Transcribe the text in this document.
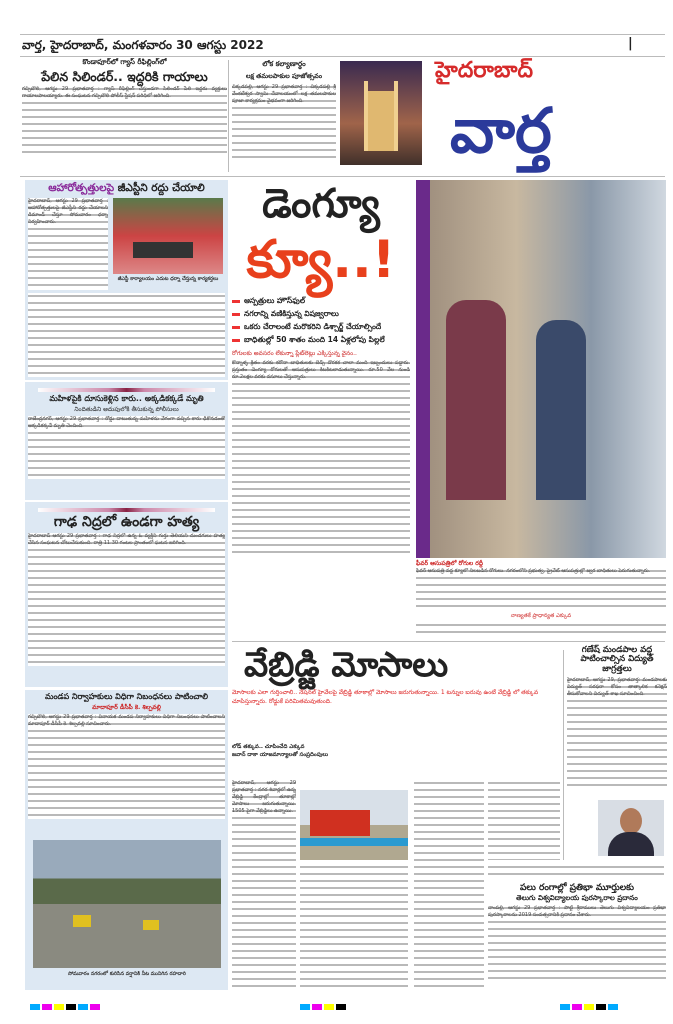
వార్త, హైదరాబాద్, మంగళవారం 30 ఆగస్టు 2022	|
కొండాపూర్‌లో గ్యాస్ రీఫిల్లింగ్‌లో
పేలిన సిలిండర్.. ఇద్దరికి గాయాలు
గచ్చిబౌలి, ఆగస్టు 29 ప్రభాతవార్త : గ్యాస్ రీఫిల్లింగ్ చేస్తుండగా సిలిండర్ పేలి ఇద్దరు వ్యక్తులు గాయాలపాలయ్యారు. ఈ సంఘటన గచ్చిబౌలి పోలీస్ స్టేషన్ పరిధిలో జరిగింది.
లోక కల్యాణార్థం
లక్ష తమలపాకుల పూజోత్సవం
చిక్కడపల్లి, ఆగస్టు 29 ప్రభాతవార్త : చిక్కడపల్లి శ్రీ వేంకటేశ్వర స్వామి దేవాలయంలో లక్ష తమలపాకుల పూజా కార్యక్రమం వైభవంగా జరిగింది.
హైదరాబాద్
వార్త
ఆహారోత్పత్తులపై జీఎస్టీని రద్దు చేయాలి
హైదరాబాద్, ఆగస్టు 29 ప్రభాతవార్త : ఆహారోత్పత్తులపై జీఎస్టీని రద్దు చేయాలని డిమాండ్ చేస్తూ సోమవారం ధర్నా నిర్వహించారు.
జీఎస్టీ కార్యాలయం ఎదుట ధర్నా చేస్తున్న కార్యకర్తలు
మహిళపైకి దూసుకెళ్లిన కారు.. అక్కడికక్కడే మృతి
నిందితుడిని అదుపులోకి తీసుకున్న పోలీసులు
రాజేంద్రనగర్, ఆగస్టు 29 ప్రభాతవార్త : రోడ్డు దాటుతున్న మహిళను వేగంగా వచ్చిన కారు ఢీకొనడంతో అక్కడికక్కడే మృతి చెందింది.
గాఢ నిద్రలో ఉండగా హత్య
హైదరాబాద్ ఆగస్టు 29 ప్రభాతవార్త : గాఢ నిద్రలో ఉన్న ఓ వ్యక్తిని గుర్తు తెలియని దుండగులు హత్య చేసిన సంఘటన చోటుచేసుకుంది. రాత్రి 11.30 గంటల ప్రాంతంలో ఘటన జరిగింది.
మండప నిర్వాహకులు విధిగా నిబంధనలు పాటించాలి
మాదాపూర్ డీసీపీ కె. శిల్పవల్లి
గచ్చిబౌలి, ఆగస్టు 29 ప్రభాతవార్త : వినాయక మండప నిర్వాహకులు విధిగా నిబంధనలు పాటించాలని మాదాపూర్ డీసీపీ కె. శిల్పవల్లి సూచించారు.
సోమవారం నగరంలో కురిసిన వర్షానికి నీట మునిగిన రహదారి
డెంగ్యూ
క్యూ..!
ఆస్పత్రులు హౌస్‌ఫుల్
నగరాన్ని వణికిస్తున్న విషజ్వరాలు
ఒకరు చేరాలంటే మరొకరిని డిశ్చార్జ్ చేయాల్సిందే
బాధితుల్లో 50 శాతం మంది 14 ఏళ్లలోపు పిల్లలే
రోగులకు అవసరం లేకున్నా ప్లేట్‌లెట్లు ఎక్కిస్తున్న వైనం..
కొన్నాళ్ళ క్రితం వరకు కరోనా బాధితులకు బెడ్స్ దొరకక చాలా మంది ఇబ్బందులు పడ్డారు. ప్రస్తుతం డెంగ్యూ రోగులతో ఆసుపత్రులు కిటకిటలాడుతున్నాయి. రూ.50 వేల నుండి రూ.2లక్షల వరకు వసూలు చేస్తున్నారు.
ఫీవర్ ఆసుపత్రిలో రోగుల రద్దీ
ఫీవర్ ఆసుపత్రి వద్ద క్యూలో నిలబడిన రోగులు. నగరంలోని ప్రభుత్వ, ప్రైవేట్ ఆసుపత్రుల్లో జ్వర బాధితులు పెరుగుతున్నారు.
నాణ్యతకే ప్రాధాన్యత ఎక్కువ
వేబ్రిడ్జి మోసాలు
మోసాలకు ఎలా గుర్తించాలి.. నేషనల్ హైవేలపై వేబ్రిడ్జి తూకాల్లో మోసాలు జరుగుతున్నాయి. 1 టన్నుల బరువు ఉంటే వేబ్రిడ్జి లో తక్కువ చూపిస్తున్నారు. రోడ్డుకే పరిమితమవుతుంది.
లోడ్ తక్కువ.. చూపించేది ఎక్కువ
జవాన్ దాకా యాజమాన్యాలతో సంప్రదింపులు
హైదరాబాద్, ఆగస్టు 29 ప్రభాతవార్త : నగర శివార్లలో ఉన్న వేబ్రిడ్జి కేంద్రాల్లో తూకాల్లో మోసాలు జరుగుతున్నాయి. 1505 పైగా వేబ్రిడ్జిలు ఉన్నాయి.
గణేష్ మండపాల వద్ద పాటించాల్సిన విద్యుత్ జాగ్రత్తలు
హైదరాబాద్, ఆగస్టు 29, ప్రభాతవార్త: మండపాలకు విద్యుత్ సరఫరా కోసం తాత్కాలిక కనెక్షన్ తీసుకోవాలని విద్యుత్ శాఖ సూచించింది.
పలు రంగాల్లో ప్రతిభా మూర్తులకు
తెలుగు విశ్వవిద్యాలయ పురస్కారాల ప్రదానం
నాంపల్లి, ఆగస్టు 29 ప్రభాతవార్త : పొట్టి శ్రీరాములు తెలుగు విశ్వవిద్యాలయం ప్రతిభా పురస్కారాలను 2019 సంవత్సరానికి ప్రదానం చేశారు.
